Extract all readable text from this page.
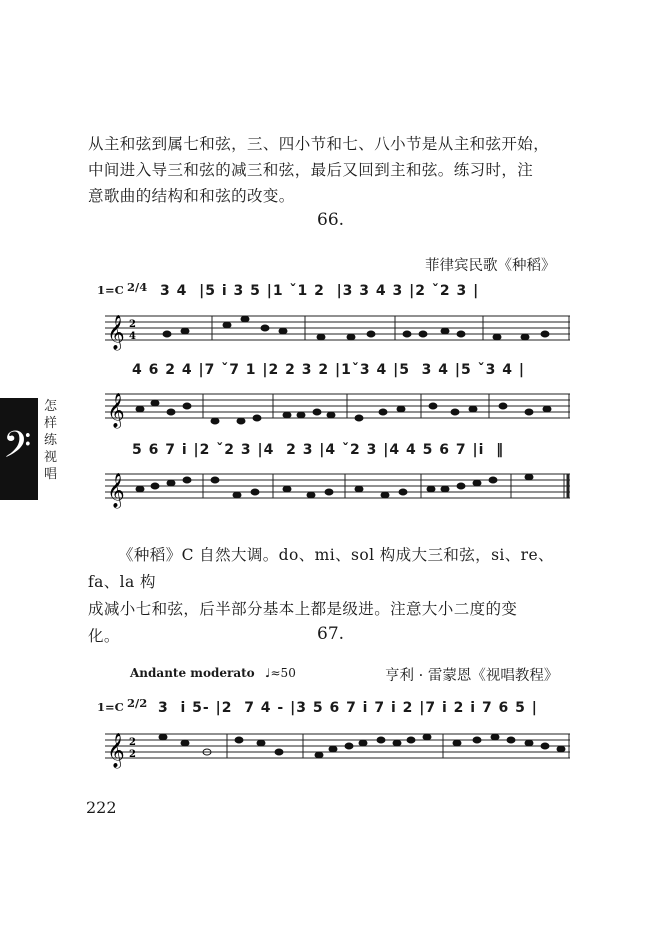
从主和弦到属七和弦，三、四小节和七、八小节是从主和弦开始，
中间进入导三和弦的减三和弦，最后又回到主和弦。练习时，注
意歌曲的结构和和弦的改变。
66.
菲律宾民歌《种稻》
1=C 2/4 3 4  |5 i 3 5 |1 ˇ1 2  |3 3 4 3 |2 ˇ2 3 |
𝄞 2
4
4 6 2 4 |7 ˇ7 1 |2 2 3 2 |1ˇ3 4 |5  3 4 |5 ˇ3 4 |
𝄞
5 6 7 i |2 ˇ2 3 |4  2 3 |4 ˇ2 3 |4 4 5 6 7 |i  ‖
𝄞
𝄢
怎
样
练
视
唱
《种稻》C 自然大调。do、mi、sol 构成大三和弦，si、re、fa、la 构
成减小七和弦，后半部分基本上都是级进。注意大小二度的变
化。	67.
Andante moderato ♩≈50	亨利 · 雷蒙恩《视唱教程》
1=C 2/2 3  i 5- |2  7 4 - |3 5 6 7 i 7 i 2 |7 i 2 i 7 6 5 |
𝄞 2
2
222
